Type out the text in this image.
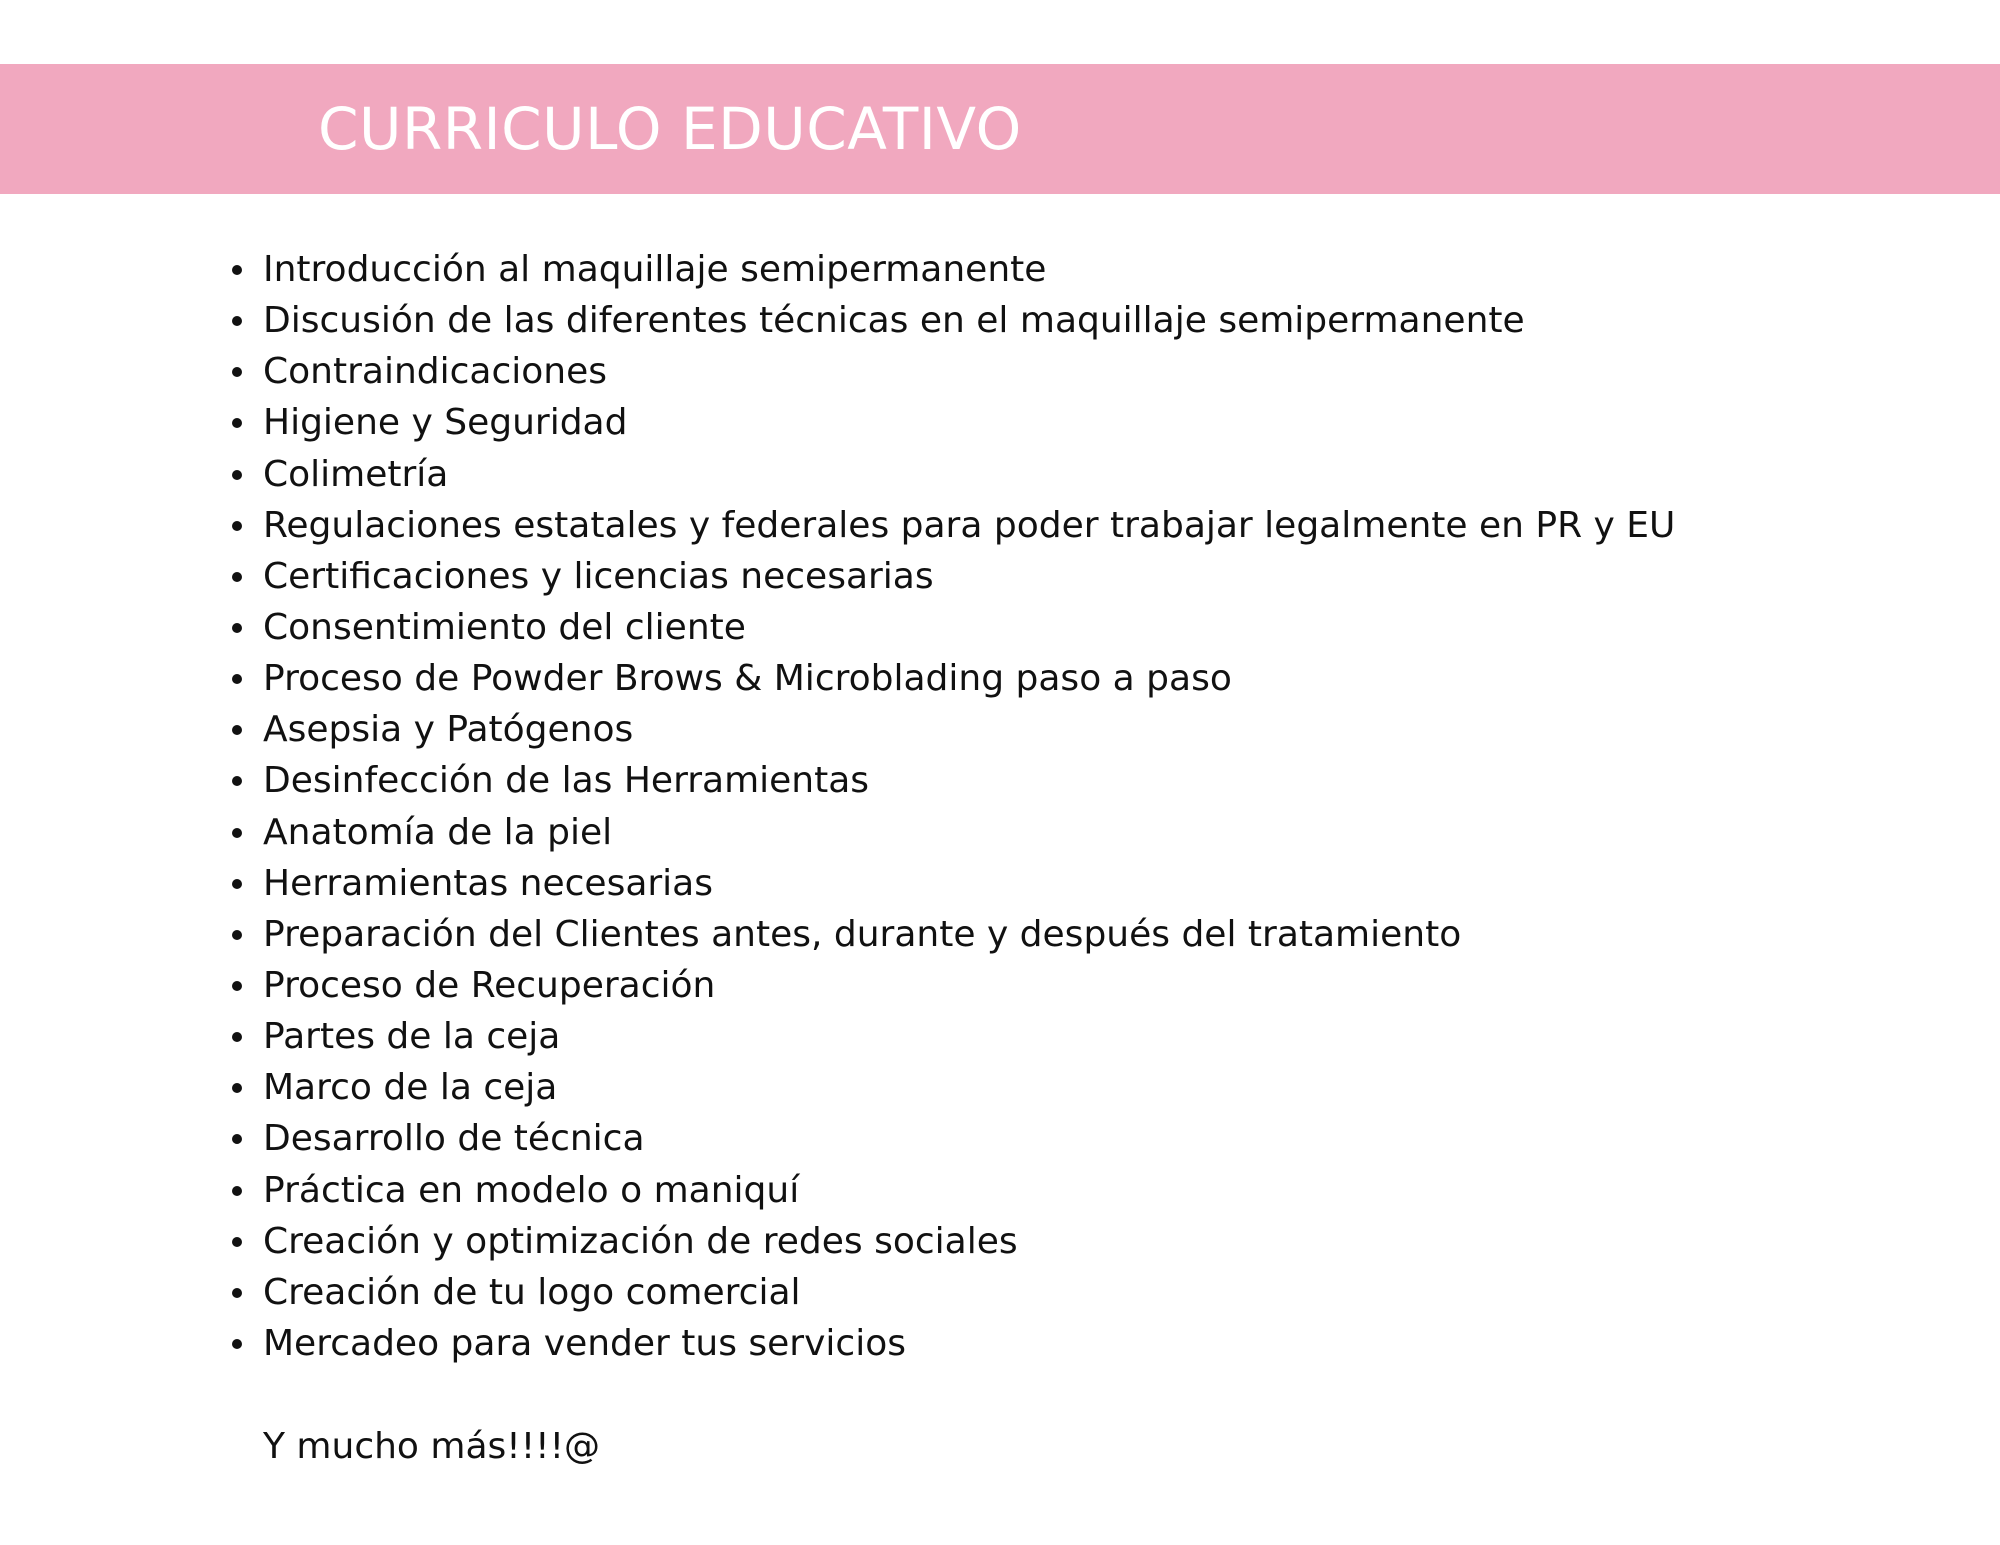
CURRICULO EDUCATIVO
Introducción al maquillaje semipermanente
Discusión de las diferentes técnicas en el maquillaje semipermanente
Contraindicaciones
Higiene y Seguridad
Colimetría
Regulaciones estatales y federales para poder trabajar legalmente en PR y EU
Certificaciones y licencias necesarias
Consentimiento del cliente
Proceso de Powder Brows & Microblading paso a paso
Asepsia y Patógenos
Desinfección de las Herramientas
Anatomía de la piel
Herramientas necesarias
Preparación del Clientes antes, durante y después del tratamiento
Proceso de Recuperación
Partes de la ceja
Marco de la ceja
Desarrollo de técnica
Práctica en modelo o maniquí
Creación y optimización de redes sociales
Creación de tu logo comercial
Mercadeo para vender tus servicios

Y mucho más!!!!@
